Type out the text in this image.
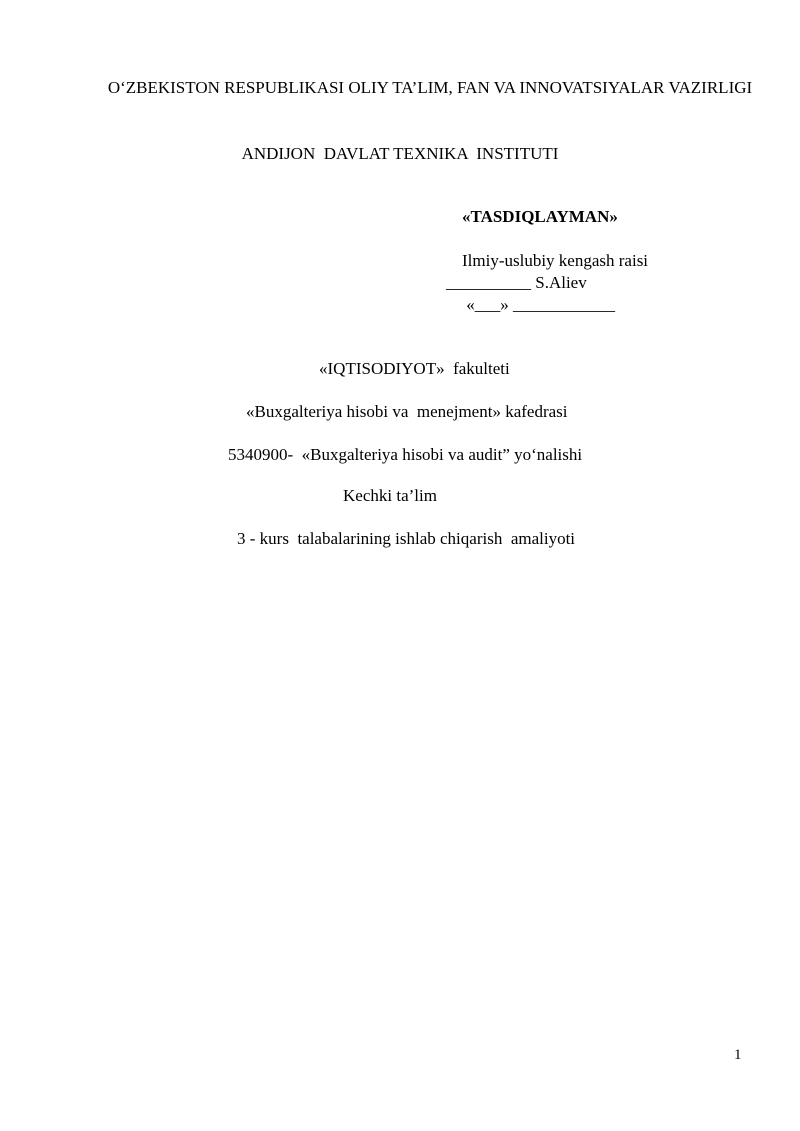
O‘ZBEKISTON RESPUBLIKASI OLIY TA’LIM, FAN VA INNOVATSIYALAR VAZIRLIGI
ANDIJON  DAVLAT TEXNIKA  INSTITUTI
«TASDIQLAYMAN»
Ilmiy-uslubiy kengash raisi
__________ S.Aliev
«___» ____________
«IQTISODIYOT»  fakulteti
«Buxgalteriya hisobi va  menejment» kafedrasi
5340900-  «Buxgalteriya hisobi va audit” yo‘nalishi
Kechki ta’lim
3 - kurs  talabalarining ishlab chiqarish  amaliyoti
1
